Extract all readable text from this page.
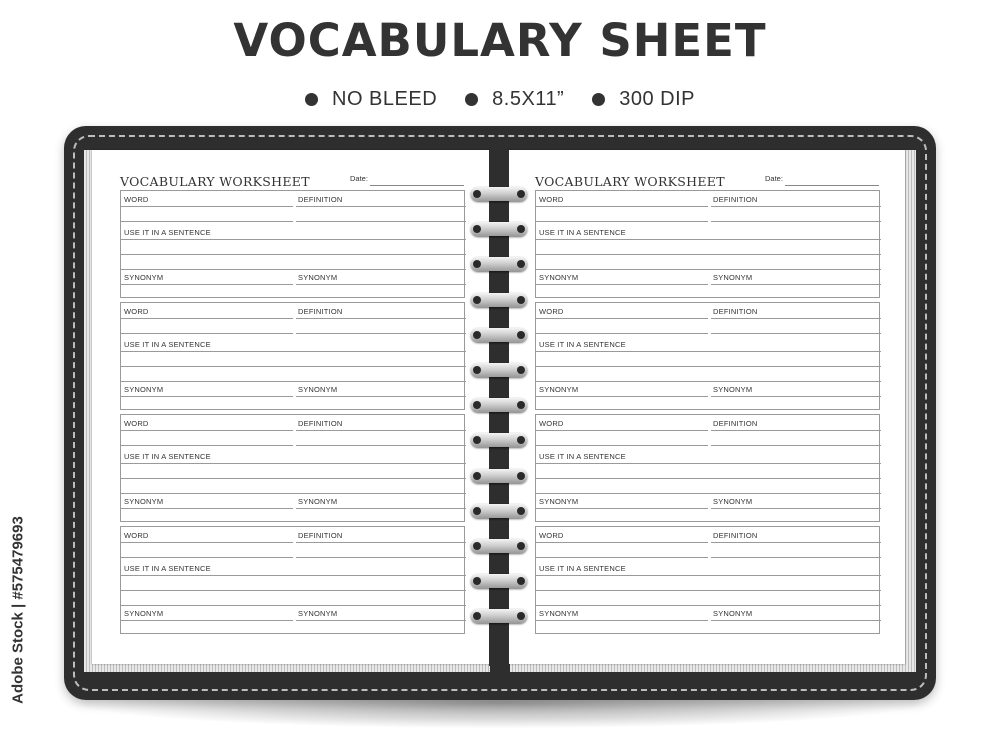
VOCABULARY SHEET
NO BLEED	8.5X11”	300 DIP
VOCABULARY WORKSHEET	Date:
WORD	DEFINITION
USE IT IN A SENTENCE
SYNONYM	SYNONYM
WORD	DEFINITION
USE IT IN A SENTENCE
SYNONYM	SYNONYM
WORD	DEFINITION
USE IT IN A SENTENCE
SYNONYM	SYNONYM
WORD	DEFINITION
USE IT IN A SENTENCE
SYNONYM	SYNONYM
VOCABULARY WORKSHEET	Date:
WORD	DEFINITION
USE IT IN A SENTENCE
SYNONYM	SYNONYM
WORD	DEFINITION
USE IT IN A SENTENCE
SYNONYM	SYNONYM
WORD	DEFINITION
USE IT IN A SENTENCE
SYNONYM	SYNONYM
WORD	DEFINITION
USE IT IN A SENTENCE
SYNONYM	SYNONYM
Adobe Stock | #575479693
